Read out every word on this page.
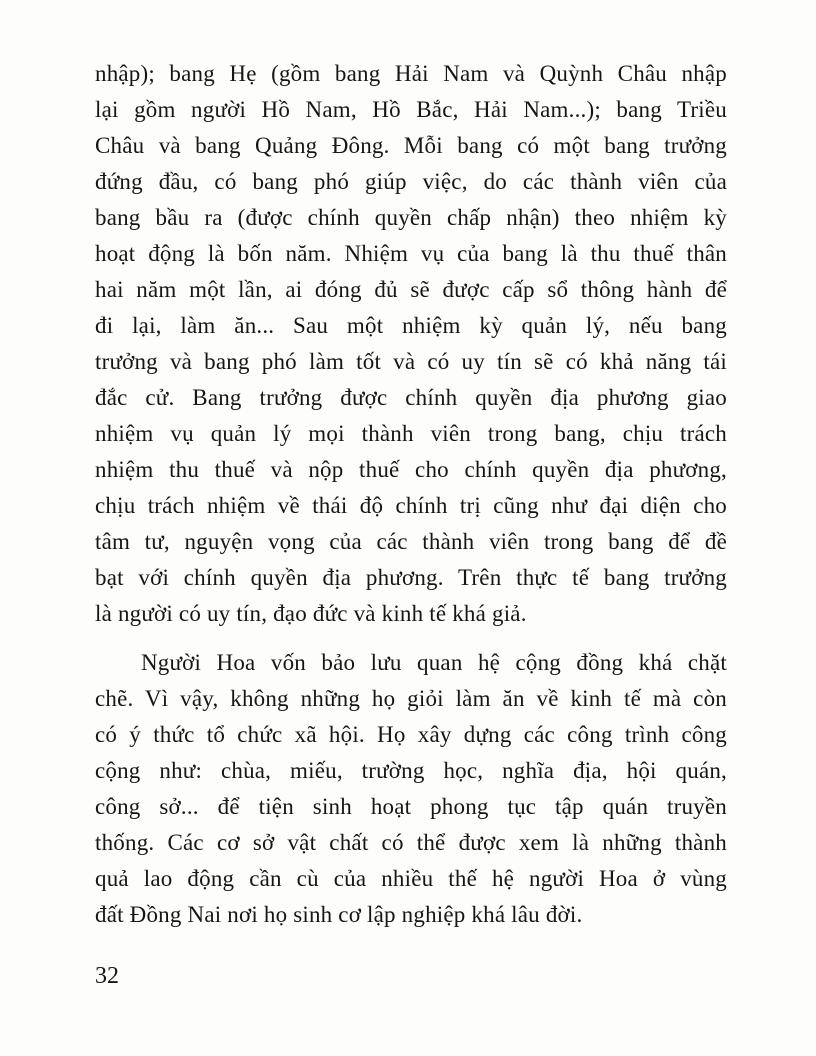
nhập); bang Hẹ (gồm bang Hải Nam và Quỳnh Châu nhập
lại gồm người Hồ Nam, Hồ Bắc, Hải Nam...); bang Triều
Châu và bang Quảng Đông. Mỗi bang có một bang trưởng
đứng đầu, có bang phó giúp việc, do các thành viên của
bang bầu ra (được chính quyền chấp nhận) theo nhiệm kỳ
hoạt động là bốn năm. Nhiệm vụ của bang là thu thuế thân
hai năm một lần, ai đóng đủ sẽ được cấp sổ thông hành để
đi lại, làm ăn... Sau một nhiệm kỳ quản lý, nếu bang
trưởng và bang phó làm tốt và có uy tín sẽ có khả năng tái
đắc cử. Bang trưởng được chính quyền địa phương giao
nhiệm vụ quản lý mọi thành viên trong bang, chịu trách
nhiệm thu thuế và nộp thuế cho chính quyền địa phương,
chịu trách nhiệm về thái độ chính trị cũng như đại diện cho
tâm tư, nguyện vọng của các thành viên trong bang để đề
bạt với chính quyền địa phương. Trên thực tế bang trưởng
là người có uy tín, đạo đức và kinh tế khá giả.
Người Hoa vốn bảo lưu quan hệ cộng đồng khá chặt
chẽ. Vì vậy, không những họ giỏi làm ăn về kinh tế mà còn
có ý thức tổ chức xã hội. Họ xây dựng các công trình công
cộng như: chùa, miếu, trường học, nghĩa địa, hội quán,
công sở... để tiện sinh hoạt phong tục tập quán truyền
thống. Các cơ sở vật chất có thể được xem là những thành
quả lao động cần cù của nhiều thế hệ người Hoa ở vùng
đất Đồng Nai nơi họ sinh cơ lập nghiệp khá lâu đời.
32
